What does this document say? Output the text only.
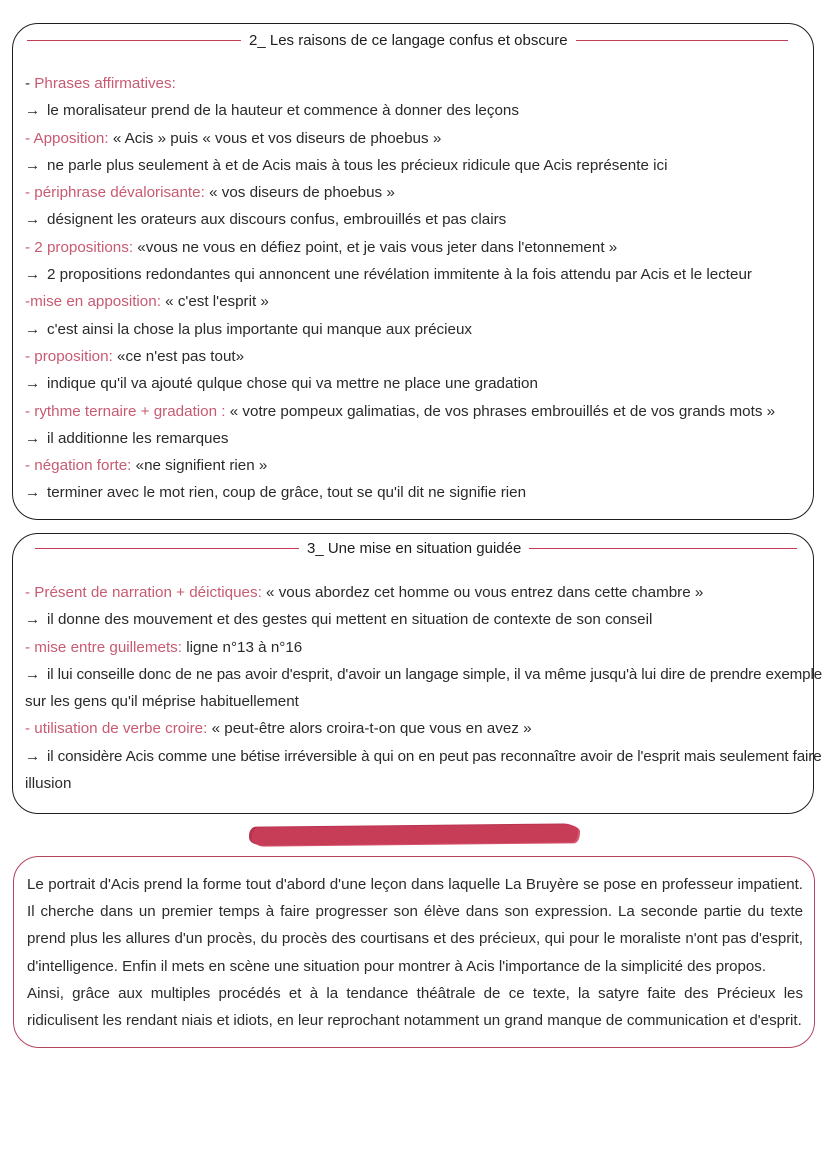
2_ Les raisons de ce langage confus et obscure
- Phrases affirmatives:
→ le moralisateur prend de la hauteur et commence à donner des leçons
- Apposition: « Acis » puis « vous et vos diseurs de phoebus »
→ ne parle plus seulement à et de Acis mais à tous les précieux ridicule que Acis représente ici
- périphrase dévalorisante: « vos diseurs de phoebus »
→ désignent les orateurs aux discours confus, embrouillés et pas clairs
- 2 propositions: «vous ne vous en défiez point, et je vais vous jeter dans l'etonnement »
→ 2 propositions redondantes qui annoncent une révélation immitente à la fois attendu par Acis et le lecteur
-mise en apposition: « c'est l'esprit »
→ c'est ainsi la chose la plus importante qui manque aux précieux
- proposition: «ce n'est pas tout»
→ indique qu'il va ajouté qulque chose qui va mettre ne place une gradation
- rythme ternaire + gradation : « votre pompeux galimatias, de vos phrases embrouillés et de vos grands mots »
→ il additionne les remarques
- négation forte: «ne signifient rien »
→ terminer avec le mot rien, coup de grâce, tout se qu'il dit ne signifie rien
3_ Une mise en situation guidée
- Présent de narration + déictiques: « vous abordez cet homme ou vous entrez dans cette chambre »
→ il donne des mouvement et des gestes qui mettent en situation de contexte de son conseil
- mise entre guillemets: ligne n°13 à n°16
→ il lui conseille donc de ne pas avoir d'esprit, d'avoir un langage simple, il va même jusqu'à lui dire de prendre exemple
sur les gens qu'il méprise habituellement
- utilisation de verbe croire: « peut-être alors croira-t-on que vous en avez »
→ il considère Acis comme une bétise irréversible à qui on en peut pas reconnaître avoir de l'esprit mais seulement faire
illusion

Le portrait d'Acis prend la forme tout d'abord d'une leçon dans laquelle La Bruyère se pose en professeur impatient. Il cherche dans un premier temps à faire progresser son élève dans son expression. La seconde partie du texte prend plus les allures d'un procès, du procès des courtisans et des précieux, qui pour le moraliste n'ont pas d'esprit, d'intelligence. Enfin il mets en scène une situation pour montrer à Acis l'importance de la simplicité des propos.

Ainsi, grâce aux multiples procédés et à la tendance théâtrale de ce texte, la satyre faite des Précieux les ridiculisent les rendant niais et idiots, en leur reprochant notamment un grand manque de communication et d'esprit.
